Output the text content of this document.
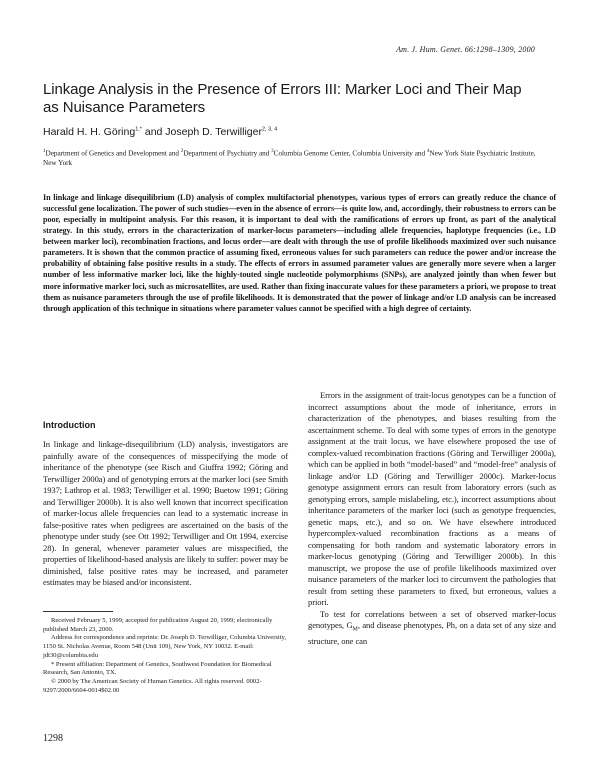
Am. J. Hum. Genet. 66:1298–1309, 2000
Linkage Analysis in the Presence of Errors III: Marker Loci and Their Map
as Nuisance Parameters
Harald H. H. Göring$^{1,*}$ and Joseph D. Terwilliger$^{2, 3, 4}$
$^1$Department of Genetics and Development and $^2$Department of Psychiatry and $^3$Columbia Genome Center, Columbia University and $^4$New York State Psychiatric Institute, New York

In linkage and linkage disequilibrium (LD) analysis of complex multifactorial phenotypes, various types of errors can greatly reduce the chance of successful gene localization. The power of such studies—even in the absence of errors—is quite low, and, accordingly, their robustness to errors can be poor, especially in multipoint analysis. For this reason, it is important to deal with the ramifications of errors up front, as part of the analytical strategy. In this study, errors in the characterization of marker-locus parameters—including allele frequencies, haplotype frequencies (i.e., LD between marker loci), recombination fractions, and locus order—are dealt with through the use of profile likelihoods maximized over such nuisance parameters. It is shown that the common practice of assuming fixed, erroneous values for such parameters can reduce the power and/or increase the probability of obtaining false positive results in a study. The effects of errors in assumed parameter values are generally more severe when a larger number of less informative marker loci, like the highly-touted single nucleotide polymorphisms (SNPs), are analyzed jointly than when fewer but more informative marker loci, such as microsatellites, are used. Rather than fixing inaccurate values for these parameters a priori, we propose to treat them as nuisance parameters through the use of profile likelihoods. It is demonstrated that the power of linkage and/or LD analysis can be increased through application of this technique in situations where parameter values cannot be specified with a high degree of certainty.

Introduction

In linkage and linkage-disequilibrium (LD) analysis, investigators are painfully aware of the consequences of misspecifying the mode of inheritance of the phenotype (see Risch and Giuffra 1992; Göring and Terwilliger 2000a) and of genotyping errors at the marker loci (see Smith 1937; Lathrop et al. 1983; Terwilliger et al. 1990; Buetow 1991; Göring and Terwilliger 2000b). It is also well known that incorrect specification of marker-locus allele frequencies can lead to a systematic increase in false-positive rates when pedigrees are ascertained on the basis of the phenotype under study (see Ott 1992; Terwilliger and Ott 1994, exercise 28). In general, whenever parameter values are misspecified, the properties of likelihood-based analysis are likely to suffer: power may be diminished, false positive rates may be increased, and parameter estimates may be biased and/or inconsistent.

Errors in the assignment of trait-locus genotypes can be a function of incorrect assumptions about the mode of inheritance, errors in characterization of the phenotypes, and biases resulting from the ascertainment scheme. To deal with some types of errors in the genotype assignment at the trait locus, we have elsewhere proposed the use of complex-valued recombination fractions (Göring and Terwilliger 2000a), which can be applied in both “model-based” and “model-free” analysis of linkage and/or LD (Göring and Terwilliger 2000c). Marker-locus genotype assignment errors can result from laboratory errors (such as genotyping errors, sample mislabeling, etc.), incorrect assumptions about inheritance parameters of the marker loci (such as genotype frequencies, genetic maps, etc.), and so on. We have elsewhere introduced hypercomplex-valued recombination fractions as a means of compensating for both random and systematic laboratory errors in marker-locus genotyping (Göring and Terwilliger 2000b). In this manuscript, we propose the use of profile likelihoods maximized over nuisance parameters of the marker loci to circumvent the pathologies that result from setting these parameters to fixed, but erroneous, values a priori.

To test for correlations between a set of observed marker-locus genotypes, $G_M$, and disease phenotypes, Ph, on a data set of any size and structure, one can

Received February 5, 1999; accepted for publication August 20, 1999; electronically published March 23, 2000.

Address for correspondence and reprints: Dr. Joseph D. Terwilliger, Columbia University, 1150 St. Nicholas Avenue, Room 548 (Unit 109), New York, NY 10032. E-mail: jdt30@columbia.edu

* Present affiliation: Department of Genetics, Southwest Foundation for Biomedical Research, San Antonio, TX.

© 2000 by The American Society of Human Genetics. All rights reserved. 0002-9297/2000/6604-0014$02.00

1298
